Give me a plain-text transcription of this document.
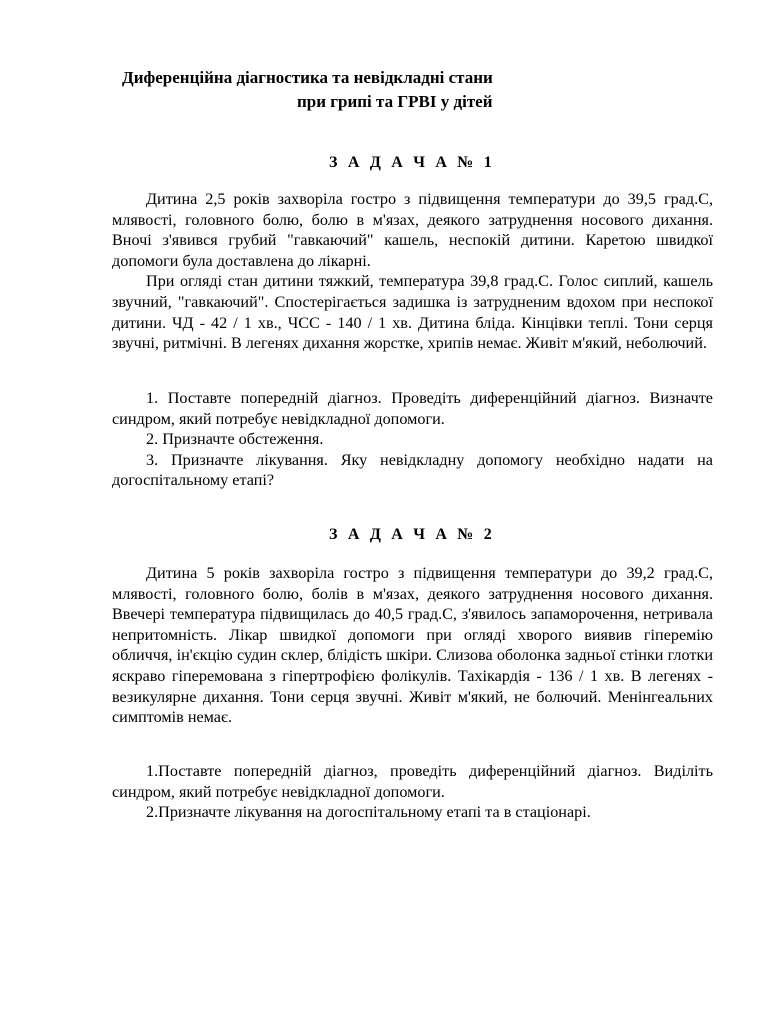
Диференційна діагностика та невідкладні стани
при грипі та ГРВІ у дітей
З А Д А Ч А № 1

Дитина 2,5 років захворіла гостро з підвищення температури до 39,5 град.С, млявості, головного болю, болю в м'язах, деякого затруднення носового дихання. Вночі з'явився грубий "гавкаючий" кашель, неспокій дитини. Каретою швидкої допомоги була доставлена до лікарні.

При огляді стан дитини тяжкий, температура 39,8 град.С. Голос сиплий, кашель звучний, "гавкаючий". Спостерігається задишка із затрудненим вдохом при неспокої дитини. ЧД - 42 / 1 хв., ЧСС - 140 / 1 хв. Дитина бліда. Кінцівки теплі. Тони серця звучні, ритмічні. В легенях дихання жорстке, хрипів немає. Живіт м'який, неболючий.

1. Поставте попередній діагноз. Проведіть диференційний діагноз. Визначте синдром, який потребує невідкладної допомоги.

2. Призначте обстеження.

3. Призначте лікування. Яку невідкладну допомогу необхідно надати на догоспітальному етапі?

З А Д А Ч А № 2

Дитина 5 років захворіла гостро з підвищення температури до 39,2 град.С, млявості, головного болю, болів в м'язах, деякого затруднення носового дихання. Ввечері температура підвищилась до 40,5 град.С, з'явилось запаморочення, нетривала непритомність. Лікар швидкої допомоги при огляді хворого виявив гіперемію обличчя, ін'єкцію судин склер, блідість шкіри. Слизова оболонка задньої стінки глотки яскраво гіперемована з гіпертрофією фолікулів. Тахікардія - 136 / 1 хв. В легенях - везикулярне дихання. Тони серця звучні. Живіт м'який, не болючий. Менінгеальних симптомів немає.

1.Поставте попередній діагноз, проведіть диференційний діагноз. Виділіть синдром, який потребує невідкладної допомоги.

2.Призначте лікування на догоспітальному етапі та в стаціонарі.
